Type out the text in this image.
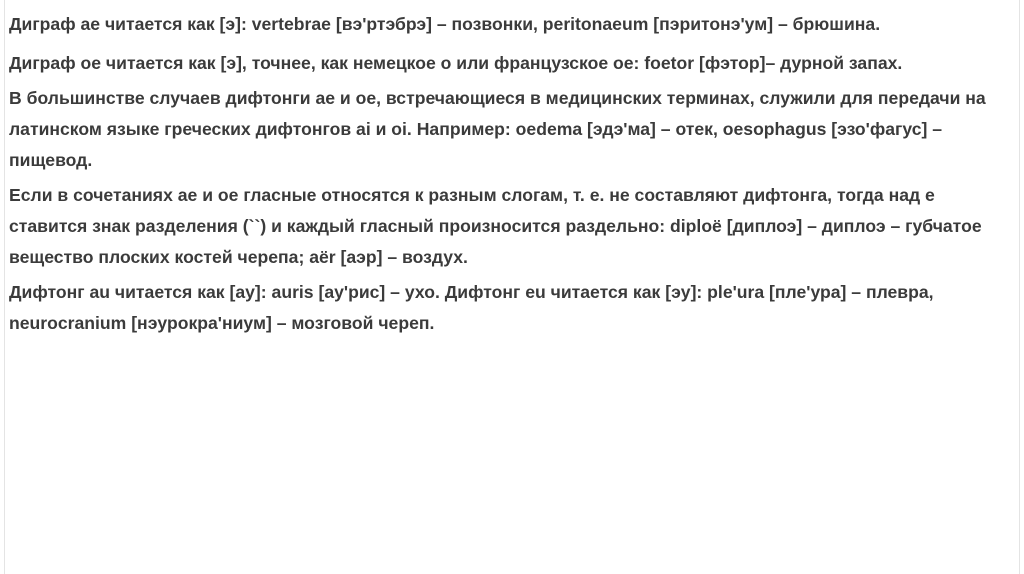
Диграф ae читается как [э]: vertebrae [вэ'ртэбрэ] – позвонки, peritonaeum [пэритонэ'ум] – брюшина.

Диграф oe читается как [э], точнее, как немецкое о или французское ое: foetor [фэтор]– дурной запах.

В большинстве случаев дифтонги ae и oe, встречающиеся в медицинских терминах, служили для передачи на латинском языке греческих дифтонгов ai и oi. Например: oedema [эдэ'ма] – отек, oesophagus [эзо'фагус] – пищевод.

Если в сочетаниях ae и oe гласные относятся к разным слогам, т. е. не составляют дифтонга, тогда над e ставится знак разделения (``) и каждый гласный произносится раздельно: diploë [диплоэ] – диплоэ – губчатое вещество плоских костей черепа; aër [аэр] – воздух.

Дифтонг au читается как [ay]: auris [ay'рис] – ухо. Дифтонг eu читается как [эу]: ple'ura [пле'ура] – плевра, neurocranium [нэурокра'ниум] – мозговой череп.
